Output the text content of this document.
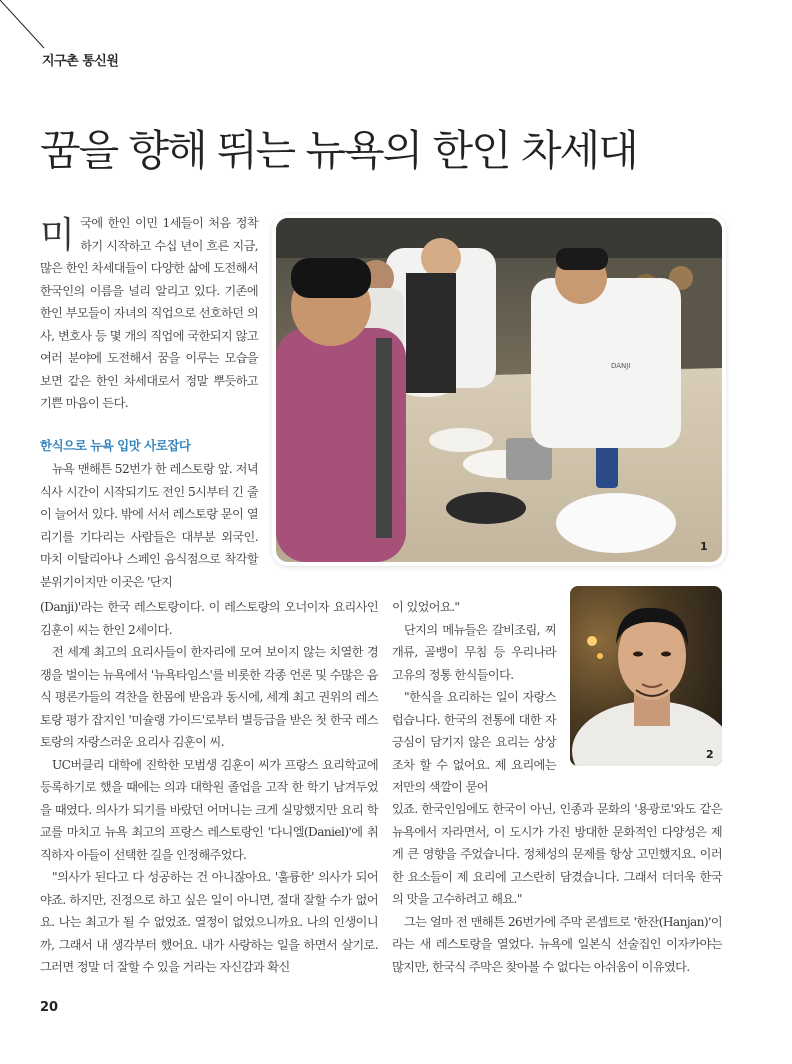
지구촌 통신원
꿈을 향해 뛰는 뉴욕의 한인 차세대

미국에 한인 이민 1세들이 처음 정착하기 시작하고 수십 년이 흐른 지금, 많은 한인 차세대들이 다양한 삶에 도전해서 한국인의 이름을 널리 알리고 있다. 기존에 한인 부모들이 자녀의 직업으로 선호하던 의사, 변호사 등 몇 개의 직업에 국한되지 않고 여러 분야에 도전해서 꿈을 이루는 모습을 보면 같은 한인 차세대로서 정말 뿌듯하고 기쁜 마음이 든다.

한식으로 뉴욕 입맛 사로잡다

뉴욕 맨해튼 52번가 한 레스토랑 앞. 저녁식사 시간이 시작되기도 전인 5시부터 긴 줄이 늘어서 있다. 밖에 서서 레스토랑 문이 열리기를 기다리는 사람들은 대부분 외국인. 마치 이탈리아나 스페인 음식점으로 착각할 분위기이지만 이곳은 '단지

(Danji)'라는 한국 레스토랑이다. 이 레스토랑의 오너이자 요리사인 김훈이 씨는 한인 2세이다.

전 세계 최고의 요리사들이 한자리에 모여 보이지 않는 치열한 경쟁을 벌이는 뉴욕에서 '뉴욕타임스'를 비롯한 각종 언론 및 수많은 음식 평론가들의 격찬을 한몸에 받음과 동시에, 세계 최고 권위의 레스토랑 평가 잡지인 '미슐랭 가이드'로부터 별등급을 받은 첫 한국 레스토랑의 자랑스러운 요리사 김훈이 씨.

UC버클리 대학에 진학한 모범생 김훈이 씨가 프랑스 요리학교에 등록하기로 했을 때에는 의과 대학원 졸업을 고작 한 학기 남겨두었을 때였다. 의사가 되기를 바랐던 어머니는 크게 실망했지만 요리 학교를 마치고 뉴욕 최고의 프랑스 레스토랑인 '다니엘(Daniel)'에 취직하자 아들이 선택한 길을 인정해주었다.

"의사가 된다고 다 성공하는 건 아니잖아요. '훌륭한' 의사가 되어야죠. 하지만, 진정으로 하고 싶은 일이 아니면, 절대 잘할 수가 없어요. 나는 최고가 될 수 없었죠. 열정이 없었으니까요. 나의 인생이니까, 그래서 내 생각부터 했어요. 내가 사랑하는 일을 하면서 살기로. 그러면 정말 더 잘할 수 있을 거라는 자신감과 확신

이 있었어요."

단지의 메뉴들은 갈비조림, 찌개류, 골뱅이 무침 등 우리나라 고유의 정통 한식들이다.

"한식을 요리하는 일이 자랑스럽습니다. 한국의 전통에 대한 자긍심이 담기지 않은 요리는 상상조차 할 수 없어요. 제 요리에는 저만의 색깔이 묻어

있죠. 한국인임에도 한국이 아닌, 인종과 문화의 '용광로'와도 같은 뉴욕에서 자라면서, 이 도시가 가진 방대한 문화적인 다양성은 제게 큰 영향을 주었습니다. 정체성의 문제를 항상 고민했지요. 이러한 요소들이 제 요리에 고스란히 담겼습니다. 그래서 더더욱 한국의 맛을 고수하려고 해요."

그는 얼마 전 맨해튼 26번가에 주막 콘셉트로 '한잔(Hanjan)'이라는 새 레스토랑을 열었다. 뉴욕에 일본식 선술집인 이자카야는 많지만, 한국식 주막은 찾아볼 수 없다는 아쉬움이 이유였다.

DANJI
1
2
20
